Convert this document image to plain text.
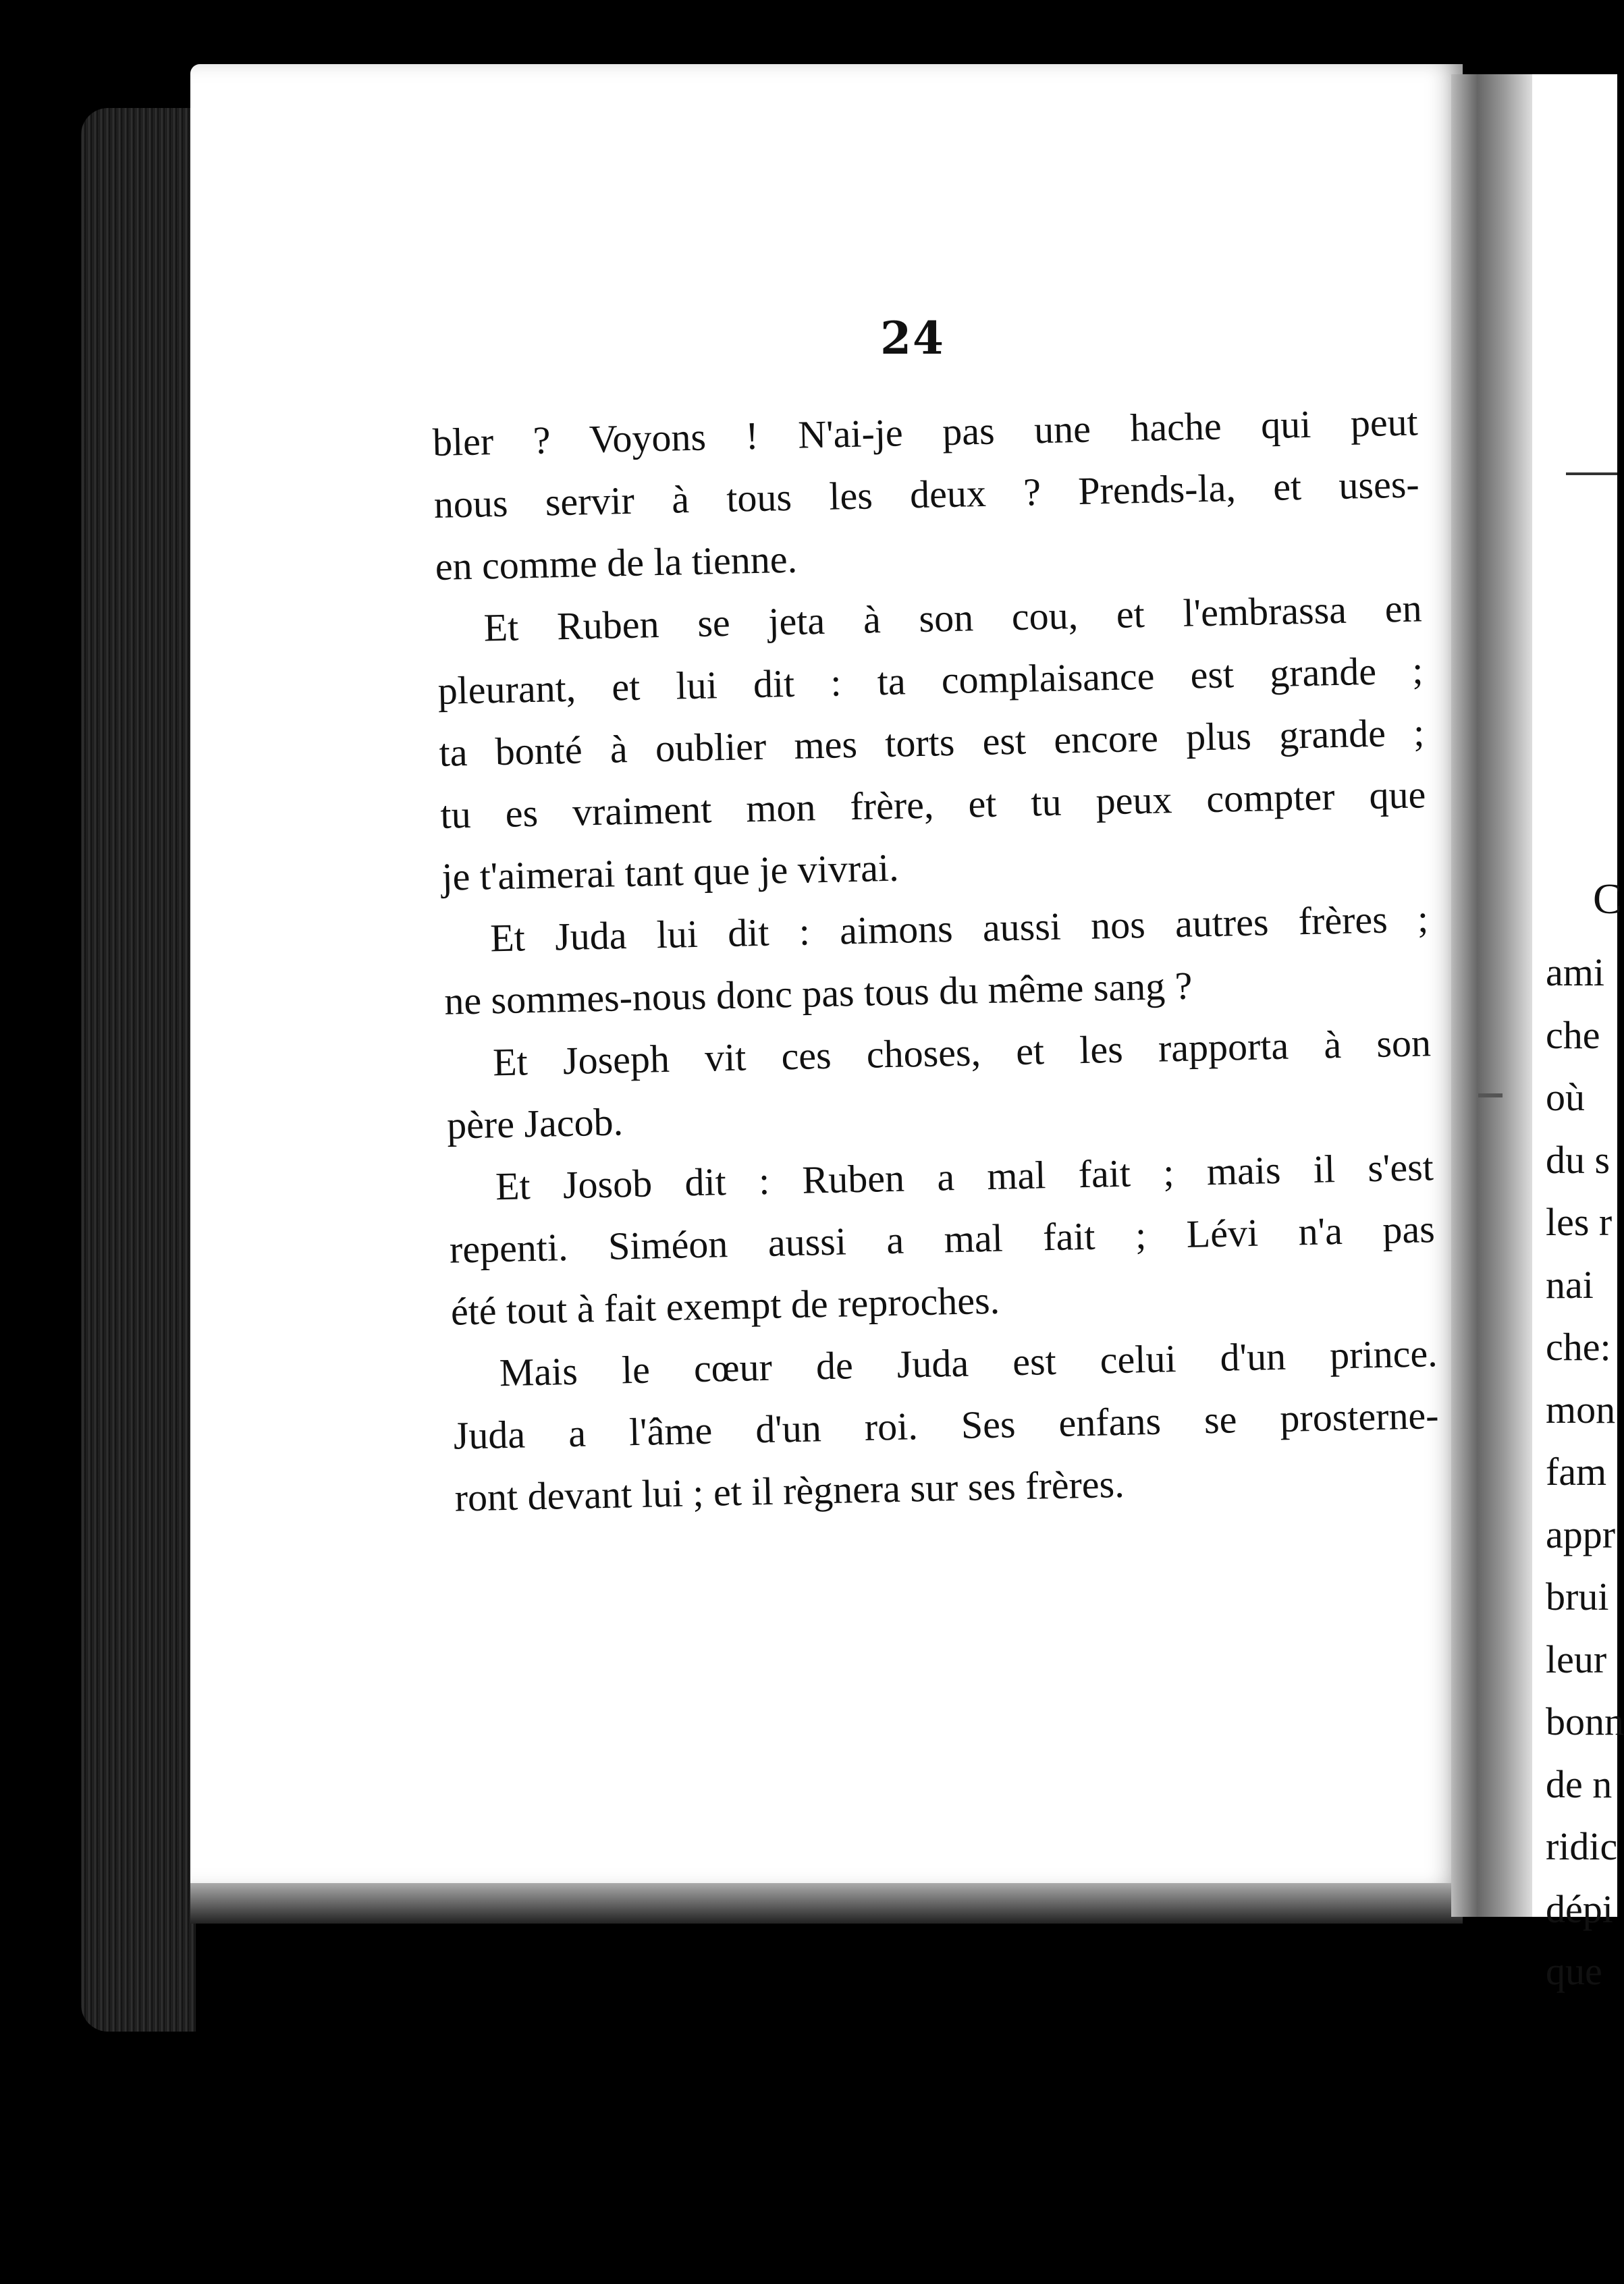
24
bler ? Voyons ! N'ai-je pas une hache qui peut
nous servir à tous les deux ? Prends-la, et uses-
en comme de la tienne.
Et Ruben se jeta à son cou, et l'embrassa en
pleurant, et lui dit : ta complaisance est grande ;
ta bonté à oublier mes torts est encore plus grande ;
tu es vraiment mon frère, et tu peux compter que
je t'aimerai tant que je vivrai.
Et Juda lui dit : aimons aussi nos autres frères ;
ne sommes-nous donc pas tous du même sang ?
Et Joseph vit ces choses, et les rapporta à son
père Jacob.
Et Josob dit : Ruben a mal fait ; mais il s'est
repenti. Siméon aussi a mal fait ; Lévi n'a pas
été tout à fait exempt de reproches.
Mais le cœur de Juda est celui d'un prince.
Juda a l'âme d'un roi. Ses enfans se prosterne-
ront devant lui ; et il règnera sur ses frères.
C
ami
che
où
du s
les r
nai
che:
mon
fam
appr
brui
leur
bonn
de n
ridic
dépi
que
